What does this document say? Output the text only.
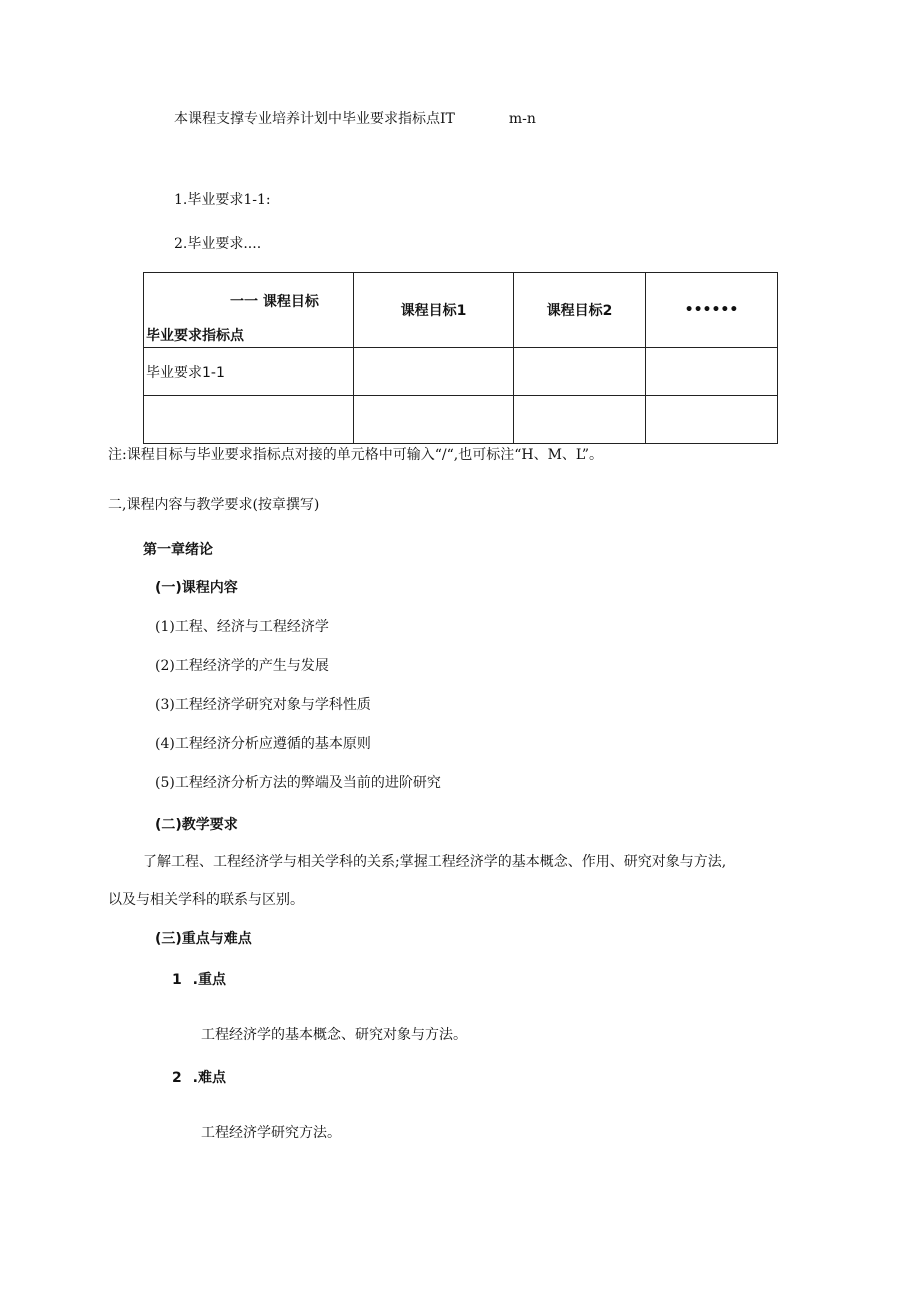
本课程支撑专业培养计划中毕业要求指标点IT	m-n
1.毕业要求1-1:
2.毕业要求....
一一 课程目标
毕业要求指标点	课程目标1	课程目标2	••••••
毕业要求1-1			

注:课程目标与毕业要求指标点对接的单元格中可输入“/“,也可标注“H、M、L”。
二,课程内容与教学要求(按章撰写)
第一章绪论
(一)课程内容
(1)工程、经济与工程经济学
(2)工程经济学的产生与发展
(3)工程经济学研究对象与学科性质
(4)工程经济分析应遵循的基本原则
(5)工程经济分析方法的弊端及当前的进阶研究
(二)教学要求
了解工程、工程经济学与相关学科的关系;掌握工程经济学的基本概念、作用、研究对象与方法,
以及与相关学科的联系与区别。
(三)重点与难点
1 .重点
工程经济学的基本概念、研究对象与方法。
2 .难点
工程经济学研究方法。
